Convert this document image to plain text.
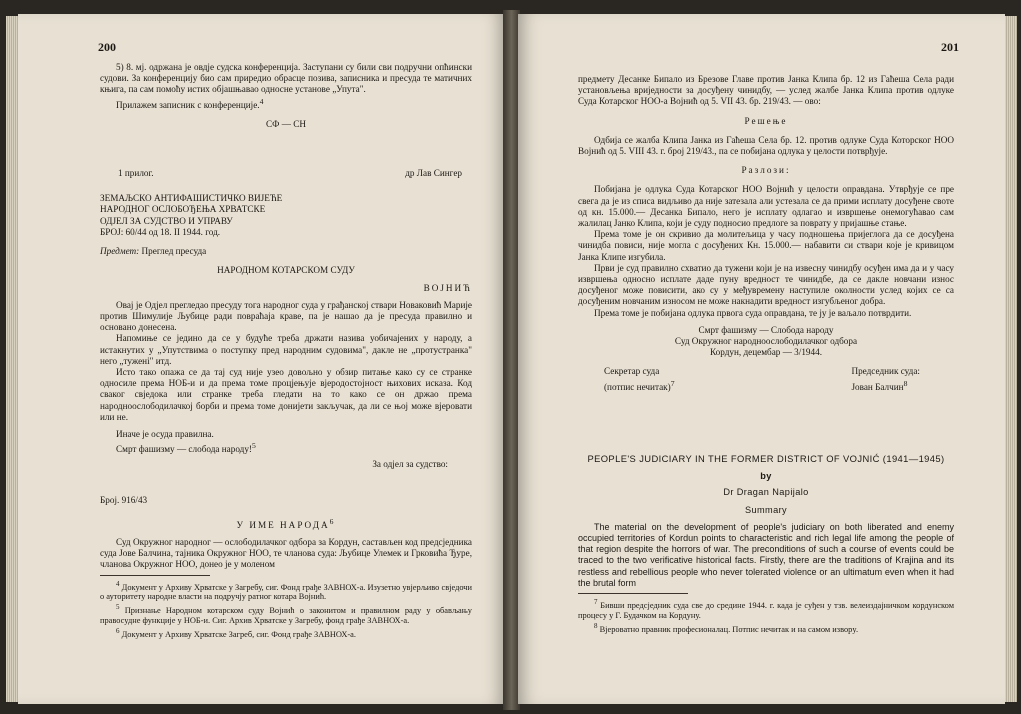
200

5) 8. мј. одржана је овдје судска конференција. Заступани су били сви подручни опћински судови. За конференцију био сам приредио обрасце позива, записника и пресуда те матичних књига, па сам помоћу истих објашњавао односне установе „Упута".

Прилажем записник с конференције.$^4$

СФ — СН
1 прилог.	др Лав Сингер
ЗЕМАЉСКО АНТИФАШИСТИЧКО ВИЈЕЋЕ
НАРОДНОГ ОСЛОБОЂЕЊА ХРВАТСКЕ
ОДЈЕЛ ЗА СУДСТВО И УПРАВУ
БРОЈ: 60/44 од 18. II 1944. год.
Предмет: Преглед пресуда
НАРОДНОМ КОТАРСКОМ СУДУ
ВОЈНИЋ

Овај је Одјел прегледао пресуду тога народног суда у грађанској ствари Новаковић Марије против Шимулије Љубице ради повраћаја краве, па је нашао да је пресуда правилно и основано донесена.

Напомиње се једино да се у будуће треба држати назива уобичајених у народу, а истакнутих у „Упутствима о поступку пред народним судовима", дакле не „протустранка" него „туженi" итд.

Исто тако опажа се да тај суд није узео довољно у обзир питање како су се странке односиле према НОБ-и и да према томе процјењује вјеродостојност њихових исказа. Код сваког свједока или странке треба гледати на то како се он држао према народноослободилачкој борби и према томе донијети закључак, да ли се њој може вјеровати или не.

Иначе је осуда правилна.

Смрт фашизму — слобода народу!$^5$

За одјел за судство:
Број. 916/43
У ИМЕ НАРОДА$^6$

Суд Окружног народног — ослободилачког одбора за Кордун, састављен код предсједника суда Јове Балчина, тајника Окружног НОО, те чланова суда: Љубице Улемек и Грковића Ђуре, чланова Окружног НОО, донео је у моленом

$^4$ Документ у Архиву Хрватске у Загребу, сиг. Фонд грађе ЗАВНОХ-а. Изузетно увјерљиво свједочи о ауторитету народне власти на подручју ратног котара Војнић.

$^5$ Признање Народном котарском суду Војнић о законитом и правилном раду у обављању правосудне функције у НОБ-и. Сиг. Архив Хрватске у Загребу, фонд грађе ЗАВНОХ-а.

$^6$ Документ у Архиву Хрватске Загреб, сиг. Фонд грађе ЗАВНОХ-а.

201

предмету Десанке Бипало из Брезове Главе против Јанка Клипа бр. 12 из Гаћеша Села ради установљења вриједности за досуђену чинидбу, — услед жалбе Јанка Клипа против одлуке Суда Котарског НОО-а Војнић од 5. VII 43. бр. 219/43. — ово:

Решење

Одбија се жалба Клипа Јанка из Гаћеша Села бр. 12. против одлуке Суда Которског НОО Војнић од 5. VIII 43. г. број 219/43., па се побијана одлука у целости потврђује.

Разлози:

Побијана је одлука Суда Котарског НОО Војнић у целости оправдана. Утврђује се пре свега да је из списа видљиво да није затезала али устезала се да прими исплату досуђене своте од кн. 15.000.— Десанка Бипало, него је исплату одлагао и извршење онемогућавао сам жалилац Јанко Клипа, који је суду подносио предлоге за поврату у пријашње стање.

Према томе је он скривио да молитељица у часу подношења пријеглога да се досуђена чинидба повиси, није могла с досуђених Кн. 15.000.— набавити си ствари које је кривицом Јанка Клипе изгубила.

Први је суд правилно схватио да тужени који је на извесну чинидбу осуђен има да и у часу извршења односно исплате даде пуну вредност те чинидбе, да се дакле новчани износ досуђеног може повисити, ако су у међувремену наступиле околности услед којих се са досуђеним новчаним износом не може накнадити вредност изгубљеног добра.

Према томе је побијана одлука првога суда оправдана, те ју је ваљало потврдити.

Смрт фашизму — Слобода народу
Суд Окружног народноослободилачког одбора
Кордун, децембар — 3/1944.
Секретар суда
(потпис нечитак)$^7$
Председник суда:
Јован Балчин$^8$
PEOPLE'S JUDICIARY IN THE FORMER DISTRICT OF VOJNIĆ (1941—1945)
by
Dr Dragan Napijalo
Summary

The material on the development of people's judiciary on both liberated and enemy occupied territories of Kordun points to characteristic and rich legal life among the people of that region despite the horrors of war. The preconditions of such a course of events could be traced to the two verificative historical facts. Firstly, there are the traditions of Krajina and its restless and rebellious people who never tolerated violence or an ultimatum even when it had the brutal form

$^7$ Бивши предсједник суда све до средине 1944. г. када је суђен у тзв. велеиздајничком кордунском процесу у Г. Будачком на Кордуну.

$^8$ Вјероватно правник професионалац. Потпис нечитак и на самом изворy.
